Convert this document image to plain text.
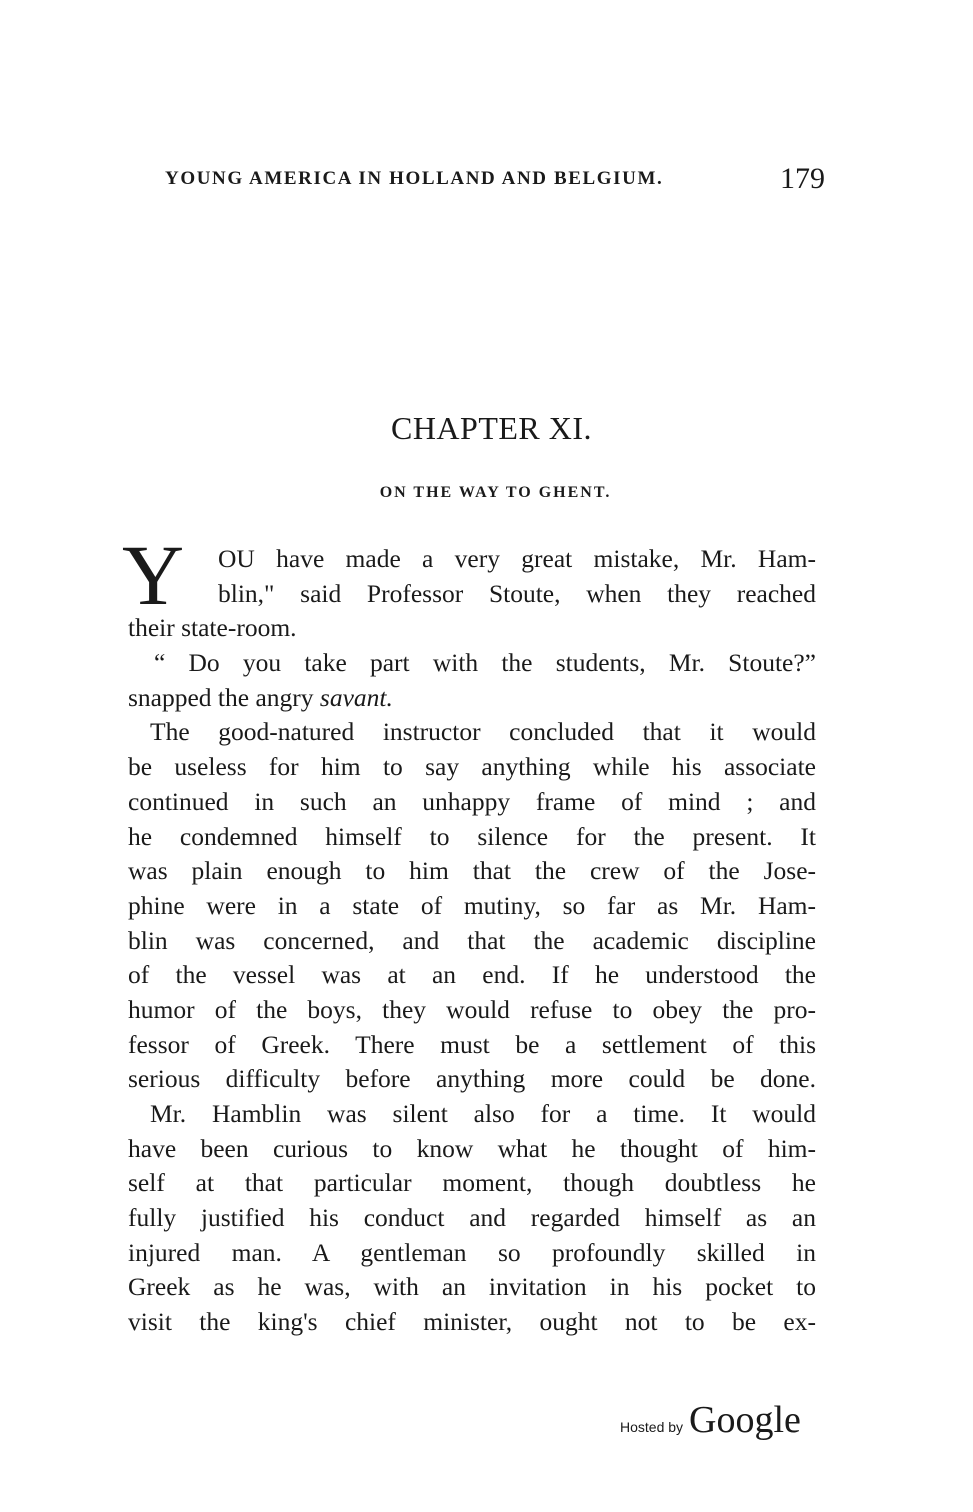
YOUNG AMERICA IN HOLLAND AND BELGIUM.	179
CHAPTER XI.
ON THE WAY TO GHENT.
Y	OU have made a very great mistake, Mr. Ham-
blin," said Professor Stoute, when they reached
their state-room.
“ Do you take part with the students, Mr. Stoute?”
snapped the angry savant.
The good-natured instructor concluded that it would
be useless for him to say anything while his associate
continued in such an unhappy frame of mind ; and
he condemned himself to silence for the present. It
was plain enough to him that the crew of the Jose-
phine were in a state of mutiny, so far as Mr. Ham-
blin was concerned, and that the academic discipline
of the vessel was at an end. If he understood the
humor of the boys, they would refuse to obey the pro-
fessor of Greek. There must be a settlement of this
serious difficulty before anything more could be done.
Mr. Hamblin was silent also for a time. It would
have been curious to know what he thought of him-
self at that particular moment, though doubtless he
fully justified his conduct and regarded himself as an
injured man. A gentleman so profoundly skilled in
Greek as he was, with an invitation in his pocket to
visit the king's chief minister, ought not to be ex-
Hosted by Google
